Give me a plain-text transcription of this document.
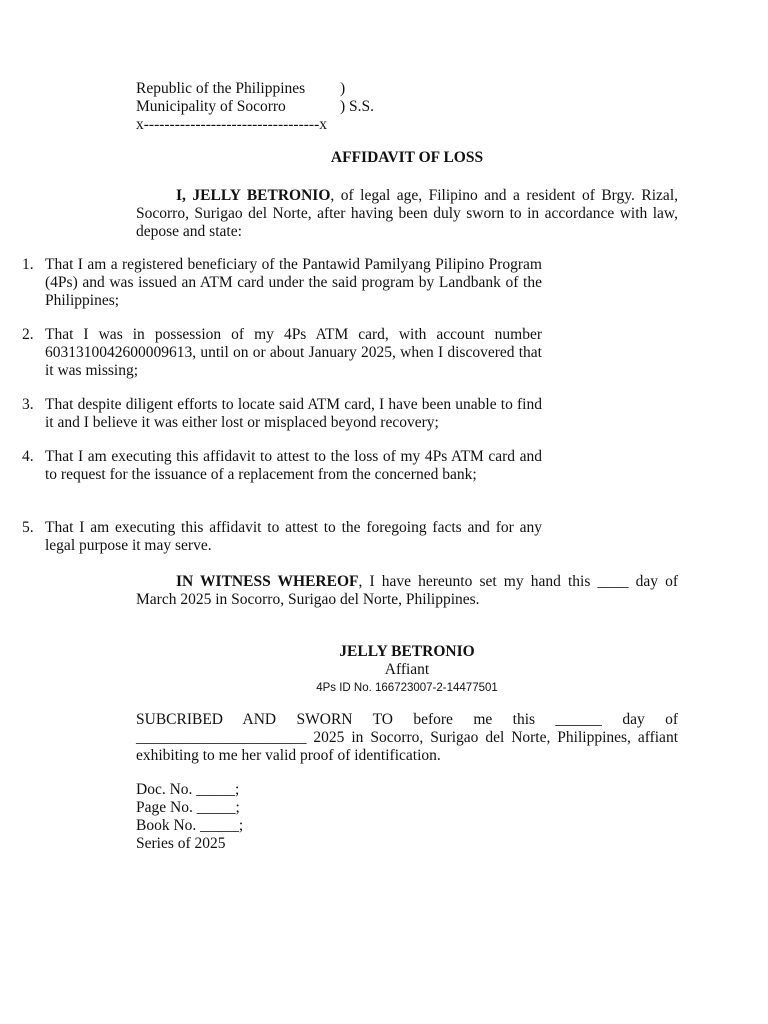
Republic of the Philippines	)
Municipality of Socorro	) S.S.
x----------------------------------x
AFFIDAVIT OF LOSS

I, JELLY BETRONIO, of legal age, Filipino and a resident of Brgy. Rizal, Socorro, Surigao del Norte, after having been duly sworn to in accordance with law, depose and state:

1. That I am a registered beneficiary of the Pantawid Pamilyang Pilipino Program (4Ps) and was issued an ATM card under the said program by Landbank of the Philippines;
2. That I was in possession of my 4Ps ATM card, with account number 6031310042600009613, until on or about January 2025, when I discovered that it was missing;
3. That despite diligent efforts to locate said ATM card, I have been unable to find it and I believe it was either lost or misplaced beyond recovery;
4. That I am executing this affidavit to attest to the loss of my 4Ps ATM card and to request for the issuance of a replacement from the concerned bank;
5. That I am executing this affidavit to attest to the foregoing facts and for any legal purpose it may serve.

IN WITNESS WHEREOF, I have hereunto set my hand this ____ day of March 2025 in Socorro, Surigao del Norte, Philippines.

JELLY BETRONIO
Affiant
4Ps ID No. 166723007-2-14477501

SUBCRIBED AND SWORN TO before me this ______ day of ______________________ 2025 in Socorro, Surigao del Norte, Philippines, affiant exhibiting to me her valid proof of identification.

Doc. No. _____;
Page No. _____;
Book No. _____;
Series of 2025
